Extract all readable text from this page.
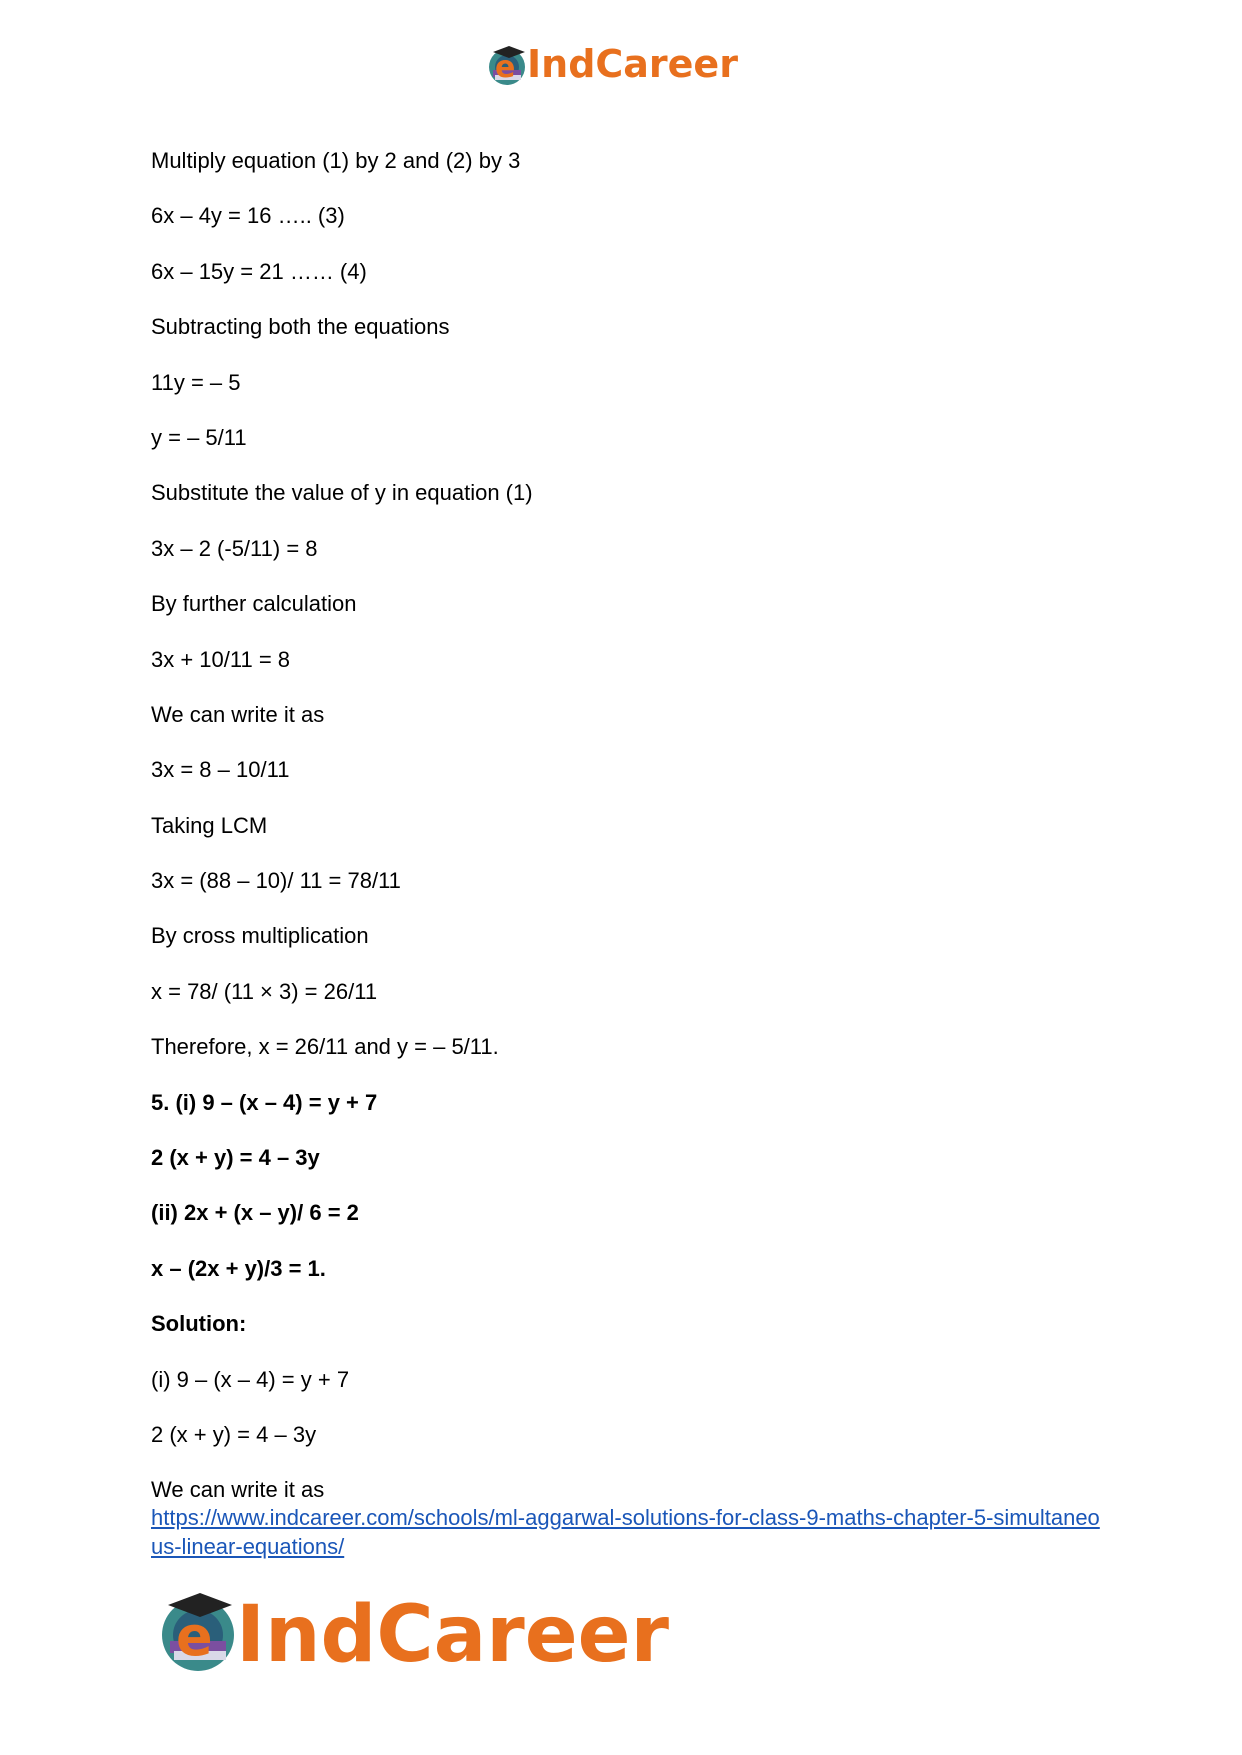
e IndCareer
Multiply equation (1) by 2 and (2) by 3
6x – 4y = 16 ….. (3)
6x – 15y = 21 …… (4)
Subtracting both the equations
11y = – 5
y = – 5/11
Substitute the value of y in equation (1)
3x – 2 (-5/11) = 8
By further calculation
3x + 10/11 = 8
We can write it as
3x = 8 – 10/11
Taking LCM
3x = (88 – 10)/ 11 = 78/11
By cross multiplication
x = 78/ (11 × 3) = 26/11
Therefore, x = 26/11 and y = – 5/11.
5. (i) 9 – (x – 4) = y + 7
2 (x + y) = 4 – 3y
(ii) 2x + (x – y)/ 6 = 2
x – (2x + y)/3 = 1.
Solution:
(i) 9 – (x – 4) = y + 7
2 (x + y) = 4 – 3y
We can write it as
https://www.indcareer.com/schools/ml-aggarwal-solutions-for-class-9-maths-chapter-5-simultaneous-linear-equations/
e IndCareer
